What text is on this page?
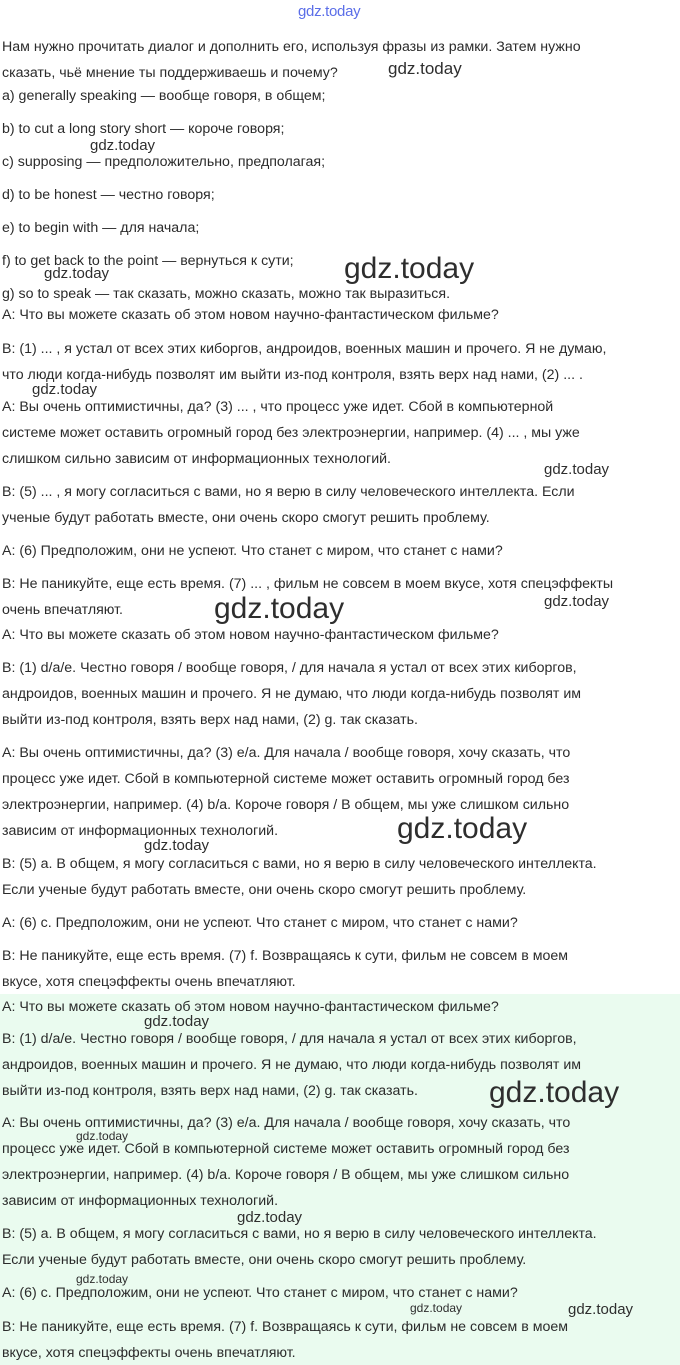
gdz.today
Нам нужно прочитать диалог и дополнить его, используя фразы из рамки. Затем нужно
сказать, чьё мнение ты поддерживаешь и почему?
a) generally speaking — вообще говоря, в общем;
b) to cut a long story short — короче говоря;
c) supposing — предположительно, предполагая;
d) to be honest — честно говоря;
e) to begin with — для начала;
f) to get back to the point — вернуться к сути;
g) so to speak — так сказать, можно сказать, можно так выразиться.
A: Что вы можете сказать об этом новом научно-фантастическом фильме?
B: (1) ... , я устал от всех этих киборгов, андроидов, военных машин и прочего. Я не думаю,
что люди когда-нибудь позволят им выйти из-под контроля, взять верх над нами, (2) ... .
A: Вы очень оптимистичны, да? (3) ... , что процесс уже идет. Сбой в компьютерной
системе может оставить огромный город без электроэнергии, например. (4) ... , мы уже
слишком сильно зависим от информационных технологий.
B: (5) ... , я могу согласиться с вами, но я верю в силу человеческого интеллекта. Если
ученые будут работать вместе, они очень скоро смогут решить проблему.
A: (6) Предположим, они не успеют. Что станет с миром, что станет с нами?
B: Не паникуйте, еще есть время. (7) ... , фильм не совсем в моем вкусе, хотя спецэффекты
очень впечатляют.
A: Что вы можете сказать об этом новом научно-фантастическом фильме?
B: (1) d/a/e. Честно говоря / вообще говоря, / для начала я устал от всех этих киборгов,
андроидов, военных машин и прочего. Я не думаю, что люди когда-нибудь позволят им
выйти из-под контроля, взять верх над нами, (2) g. так сказать.
A: Вы очень оптимистичны, да? (3) e/a. Для начала / вообще говоря, хочу сказать, что
процесс уже идет. Сбой в компьютерной системе может оставить огромный город без
электроэнергии, например. (4) b/a. Короче говоря / В общем, мы уже слишком сильно
зависим от информационных технологий.
B: (5) a. В общем, я могу согласиться с вами, но я верю в силу человеческого интеллекта.
Если ученые будут работать вместе, они очень скоро смогут решить проблему.
A: (6) c. Предположим, они не успеют. Что станет с миром, что станет с нами?
B: Не паникуйте, еще есть время. (7) f. Возвращаясь к сути, фильм не совсем в моем
вкусе, хотя спецэффекты очень впечатляют.
A: Что вы можете сказать об этом новом научно-фантастическом фильме?
B: (1) d/a/e. Честно говоря / вообще говоря, / для начала я устал от всех этих киборгов,
андроидов, военных машин и прочего. Я не думаю, что люди когда-нибудь позволят им
выйти из-под контроля, взять верх над нами, (2) g. так сказать.
A: Вы очень оптимистичны, да? (3) e/a. Для начала / вообще говоря, хочу сказать, что
процесс уже идет. Сбой в компьютерной системе может оставить огромный город без
электроэнергии, например. (4) b/a. Короче говоря / В общем, мы уже слишком сильно
зависим от информационных технологий.
B: (5) a. В общем, я могу согласиться с вами, но я верю в силу человеческого интеллекта.
Если ученые будут работать вместе, они очень скоро смогут решить проблему.
A: (6) c. Предположим, они не успеют. Что станет с миром, что станет с нами?
B: Не паникуйте, еще есть время. (7) f. Возвращаясь к сути, фильм не совсем в моем
вкусе, хотя спецэффекты очень впечатляют.
gdz.today
gdz.today
gdz.today
gdz.today
gdz.today
gdz.today
gdz.today	gdz.today
gdz.today
gdz.today
gdz.today
gdz.today
gdz.today
gdz.today
gdz.today
gdz.today	gdz.today
